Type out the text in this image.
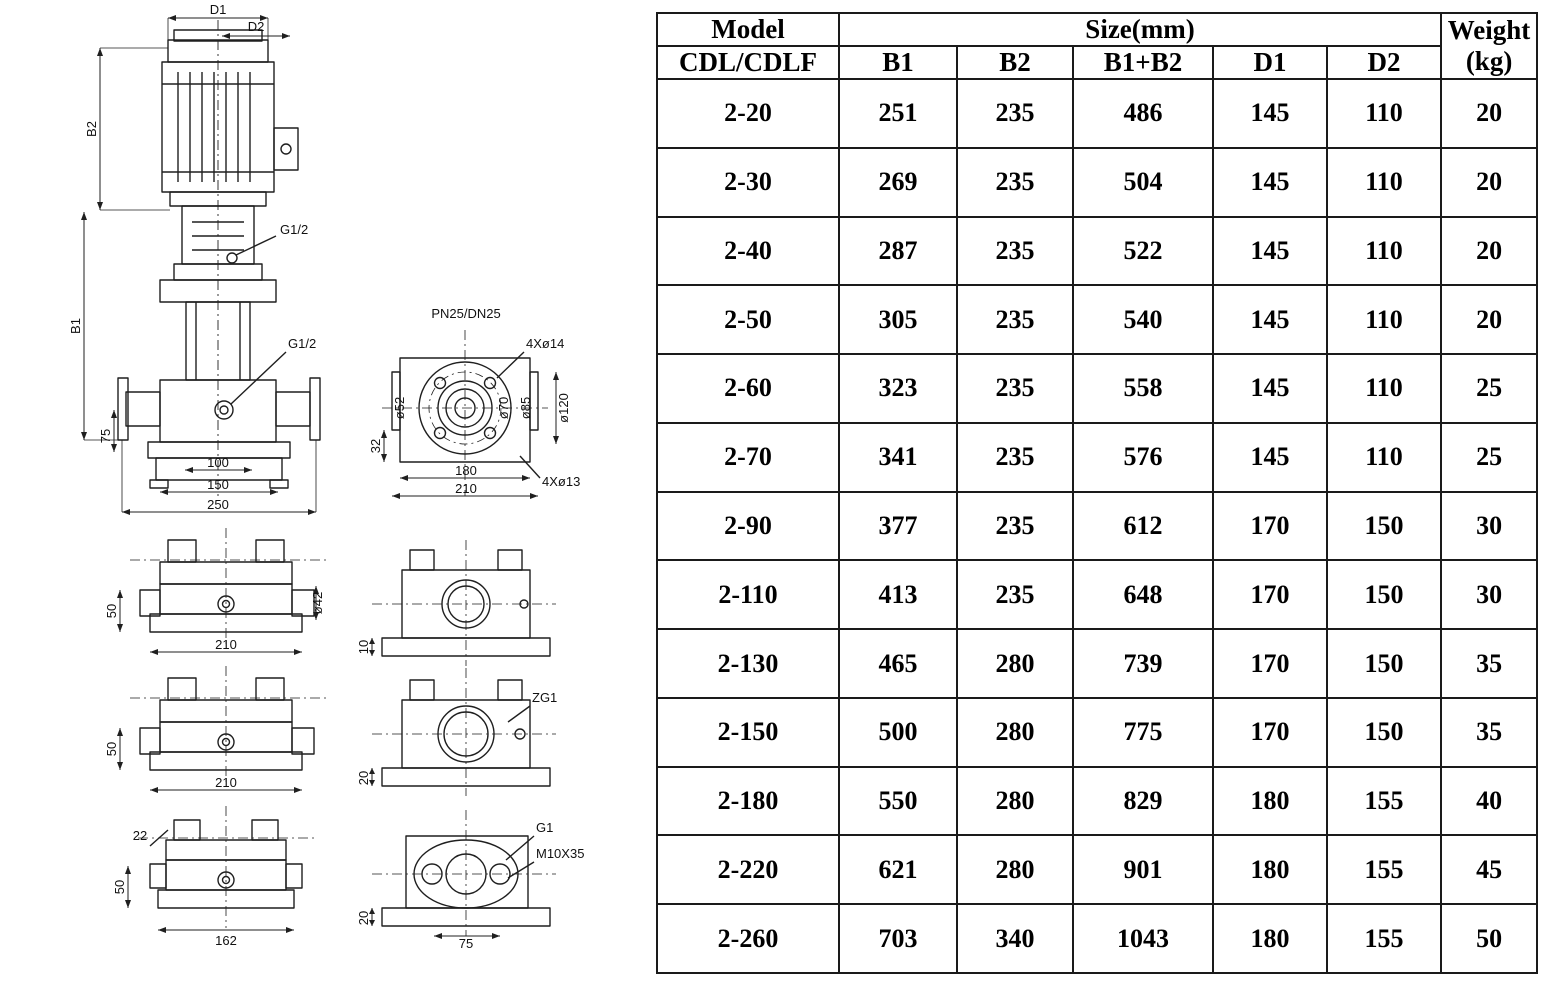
D1
D2
B2
B1
G1/2
G1/2
75
100
150
250
PN25/DN25
4Xø14
4Xø13
ø52	ø70 ø85 ø120
32
180
210
50
210
ø42
10
50
210
ZG1
20
22
50
162
20
75
G1
M10X35
Model	Size(mm)					Weight
(kg)

CDL/CDLF	B1	B2	B1+B2	D1	D2	
2-20	251	235	486	145	110	20
2-30	269	235	504	145	110	20
2-40	287	235	522	145	110	20
2-50	305	235	540	145	110	20
2-60	323	235	558	145	110	25
2-70	341	235	576	145	110	25
2-90	377	235	612	170	150	30
2-110	413	235	648	170	150	30
2-130	465	280	739	170	150	35
2-150	500	280	775	170	150	35
2-180	550	280	829	180	155	40
2-220	621	280	901	180	155	45
2-260	703	340	1043	180	155	50
